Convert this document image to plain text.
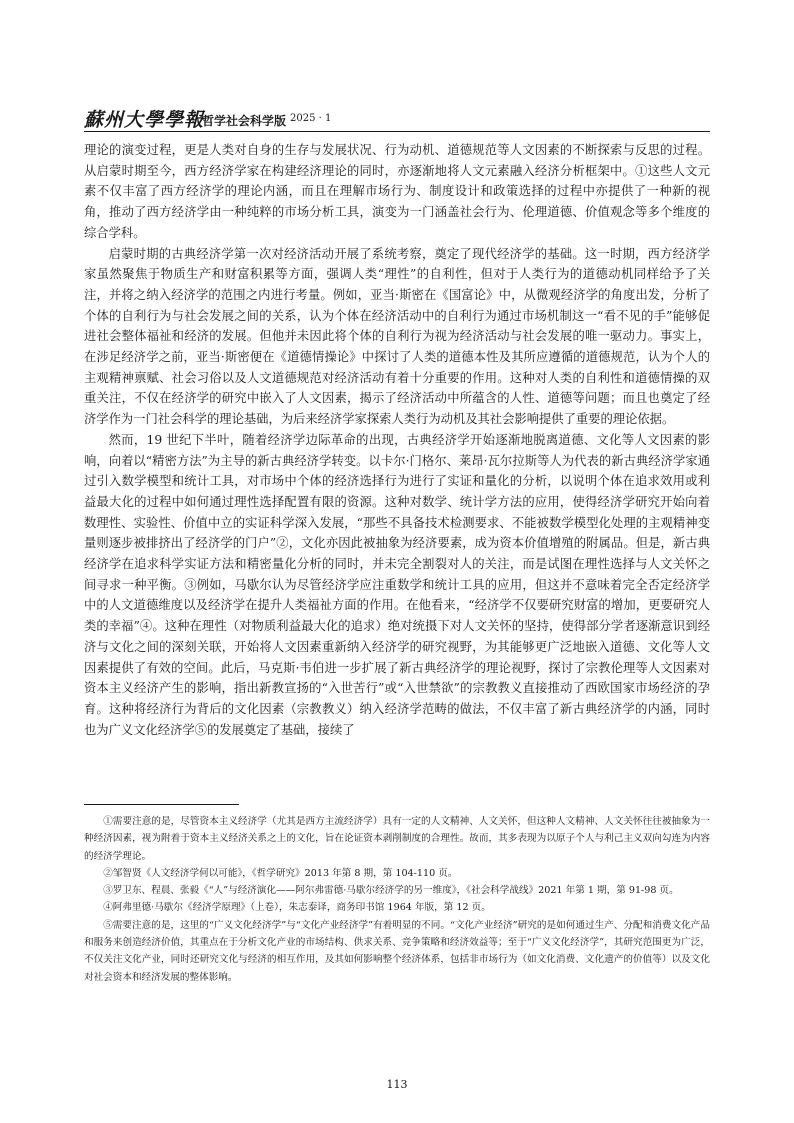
蘇州大學學報
哲学社会科学版 2025 · 1

理论的演变过程，更是人类对自身的生存与发展状况、行为动机、道德规范等人文因素的不断探索与反思的过程。从启蒙时期至今，西方经济学家在构建经济理论的同时，亦逐渐地将人文元素融入经济分析框架中。①这些人文元素不仅丰富了西方经济学的理论内涵，而且在理解市场行为、制度设计和政策选择的过程中亦提供了一种新的视角，推动了西方经济学由一种纯粹的市场分析工具，演变为一门涵盖社会行为、伦理道德、价值观念等多个维度的综合学科。

启蒙时期的古典经济学第一次对经济活动开展了系统考察，奠定了现代经济学的基础。这一时期，西方经济学家虽然聚焦于物质生产和财富积累等方面，强调人类“理性”的自利性，但对于人类行为的道德动机同样给予了关注，并将之纳入经济学的范围之内进行考量。例如，亚当·斯密在《国富论》中，从微观经济学的角度出发，分析了个体的自利行为与社会发展之间的关系，认为个体在经济活动中的自利行为通过市场机制这一“看不见的手”能够促进社会整体福祉和经济的发展。但他并未因此将个体的自利行为视为经济活动与社会发展的唯一驱动力。事实上，在涉足经济学之前，亚当·斯密便在《道德情操论》中探讨了人类的道德本性及其所应遵循的道德规范，认为个人的主观精神禀赋、社会习俗以及人文道德规范对经济活动有着十分重要的作用。这种对人类的自利性和道德情操的双重关注，不仅在经济学的研究中嵌入了人文因素，揭示了经济活动中所蕴含的人性、道德等问题；而且也奠定了经济学作为一门社会科学的理论基础，为后来经济学家探索人类行为动机及其社会影响提供了重要的理论依据。

然而，19 世纪下半叶，随着经济学边际革命的出现，古典经济学开始逐渐地脱离道德、文化等人文因素的影响，向着以“精密方法”为主导的新古典经济学转变。以卡尔·门格尔、莱昂·瓦尔拉斯等人为代表的新古典经济学家通过引入数学模型和统计工具，对市场中个体的经济选择行为进行了实证和量化的分析，以说明个体在追求效用或利益最大化的过程中如何通过理性选择配置有限的资源。这种对数学、统计学方法的应用，使得经济学研究开始向着数理性、实验性、价值中立的实证科学深入发展，“那些不具备技术检测要求、不能被数学模型化处理的主观精神变量则逐步被排挤出了经济学的门户”②，文化亦因此被抽象为经济要素，成为资本价值增殖的附属品。但是，新古典经济学在追求科学实证方法和精密量化分析的同时，并未完全割裂对人的关注，而是试图在理性选择与人文关怀之间寻求一种平衡。③例如，马歇尔认为尽管经济学应注重数学和统计工具的应用，但这并不意味着完全否定经济学中的人文道德维度以及经济学在提升人类福祉方面的作用。在他看来，“经济学不仅要研究财富的增加，更要研究人类的幸福”④。这种在理性（对物质利益最大化的追求）绝对统摄下对人文关怀的坚持，使得部分学者逐渐意识到经济与文化之间的深刻关联，开始将人文因素重新纳入经济学的研究视野，为其能够更广泛地嵌入道德、文化等人文因素提供了有效的空间。此后，马克斯·韦伯进一步扩展了新古典经济学的理论视野，探讨了宗教伦理等人文因素对资本主义经济产生的影响，指出新教宣扬的“入世苦行”或“入世禁欲”的宗教教义直接推动了西欧国家市场经济的孕育。这种将经济行为背后的文化因素（宗教教义）纳入经济学范畴的做法，不仅丰富了新古典经济学的内涵，同时也为广义文化经济学⑤的发展奠定了基础，接续了

①需要注意的是，尽管资本主义经济学（尤其是西方主流经济学）具有一定的人文精神、人文关怀，但这种人文精神、人文关怀往往被抽象为一种经济因素，视为附着于资本主义经济关系之上的文化，旨在论证资本剥削制度的合理性。故而，其多表现为以原子个人与利己主义双向勾连为内容的经济学理论。

②邹智贤《人文经济学何以可能》，《哲学研究》2013 年第 8 期，第 104-110 页。

③罗卫东、程晨、张毅《“人”与经济演化——阿尔弗雷德·马歇尔经济学的另一维度》，《社会科学战线》2021 年第 1 期，第 91-98 页。

④阿弗里德·马歇尔《经济学原理》（上卷），朱志泰译，商务印书馆 1964 年版，第 12 页。

⑤需要注意的是，这里的“广义文化经济学”与“文化产业经济学”有着明显的不同。“文化产业经济”研究的是如何通过生产、分配和消费文化产品和服务来创造经济价值，其重点在于分析文化产业的市场结构、供求关系、竞争策略和经济效益等；至于“广义文化经济学”，其研究范围更为广泛，不仅关注文化产业，同时还研究文化与经济的相互作用，及其如何影响整个经济体系，包括非市场行为（如文化消费、文化遗产的价值等）以及文化对社会资本和经济发展的整体影响。

113
